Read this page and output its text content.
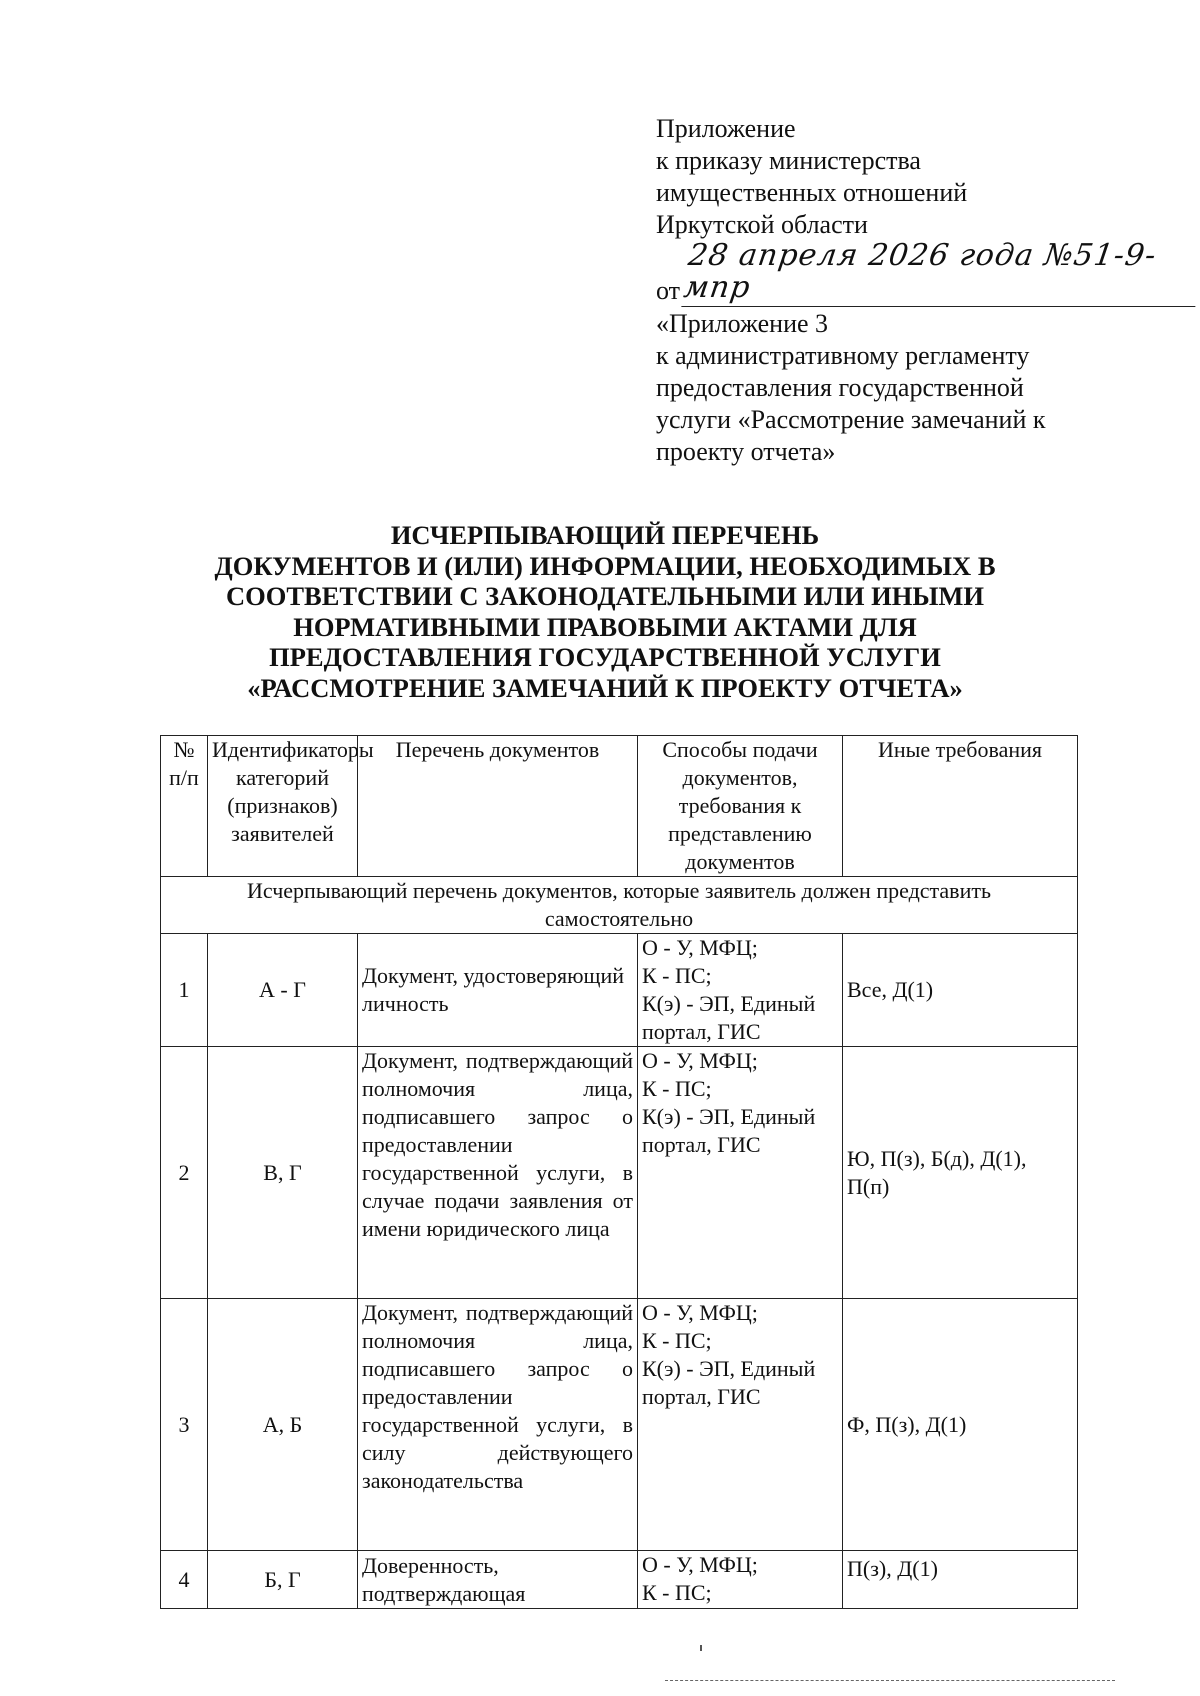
Приложение
к приказу министерства
имущественных отношений
Иркутской области
от
28 апреля 2026 года №51-9-мпр
«Приложение 3
к административному регламенту
предоставления государственной
услуги «Рассмотрение замечаний к
проекту отчета»
ИСЧЕРПЫВАЮЩИЙ ПЕРЕЧЕНЬ
ДОКУМЕНТОВ И (ИЛИ) ИНФОРМАЦИИ, НЕОБХОДИМЫХ В
СООТВЕТСТВИИ С ЗАКОНОДАТЕЛЬНЫМИ ИЛИ ИНЫМИ
НОРМАТИВНЫМИ ПРАВОВЫМИ АКТАМИ ДЛЯ
ПРЕДОСТАВЛЕНИЯ ГОСУДАРСТВЕННОЙ УСЛУГИ
«РАССМОТРЕНИЕ ЗАМЕЧАНИЙ К ПРОЕКТУ ОТЧЕТА»
№ п/п	Идентификаторы категорий (признаков) заявителей	Перечень документов	Способы подачи документов, требования к представлению документов	Иные требования
Исчерпывающий перечень документов, которые заявитель должен представить самостоятельно				
1	А - Г	Документ, удостоверяющий личность	О - У, МФЦ;
К - ПС;
К(э) - ЭП, Единый
портал, ГИС	Все, Д(1)
2	В, Г	Документ, подтверждающий полномочия лица, подписавшего запрос о предоставлении государственной услуги, в случае подачи заявления от имени юридического лица	О - У, МФЦ;
К - ПС;
К(э) - ЭП, Единый
портал, ГИС	Ю, П(з), Б(д), Д(1), П(п)
3	А, Б	Документ, подтверждающий полномочия лица, подписавшего запрос о предоставлении государственной услуги, в силу действующего законодательства	О - У, МФЦ;
К - ПС;
К(э) - ЭП, Единый
портал, ГИС	Ф, П(з), Д(1)
4	Б, Г	Доверенность, подтверждающая	О - У, МФЦ;
К - ПС;	П(з), Д(1)
